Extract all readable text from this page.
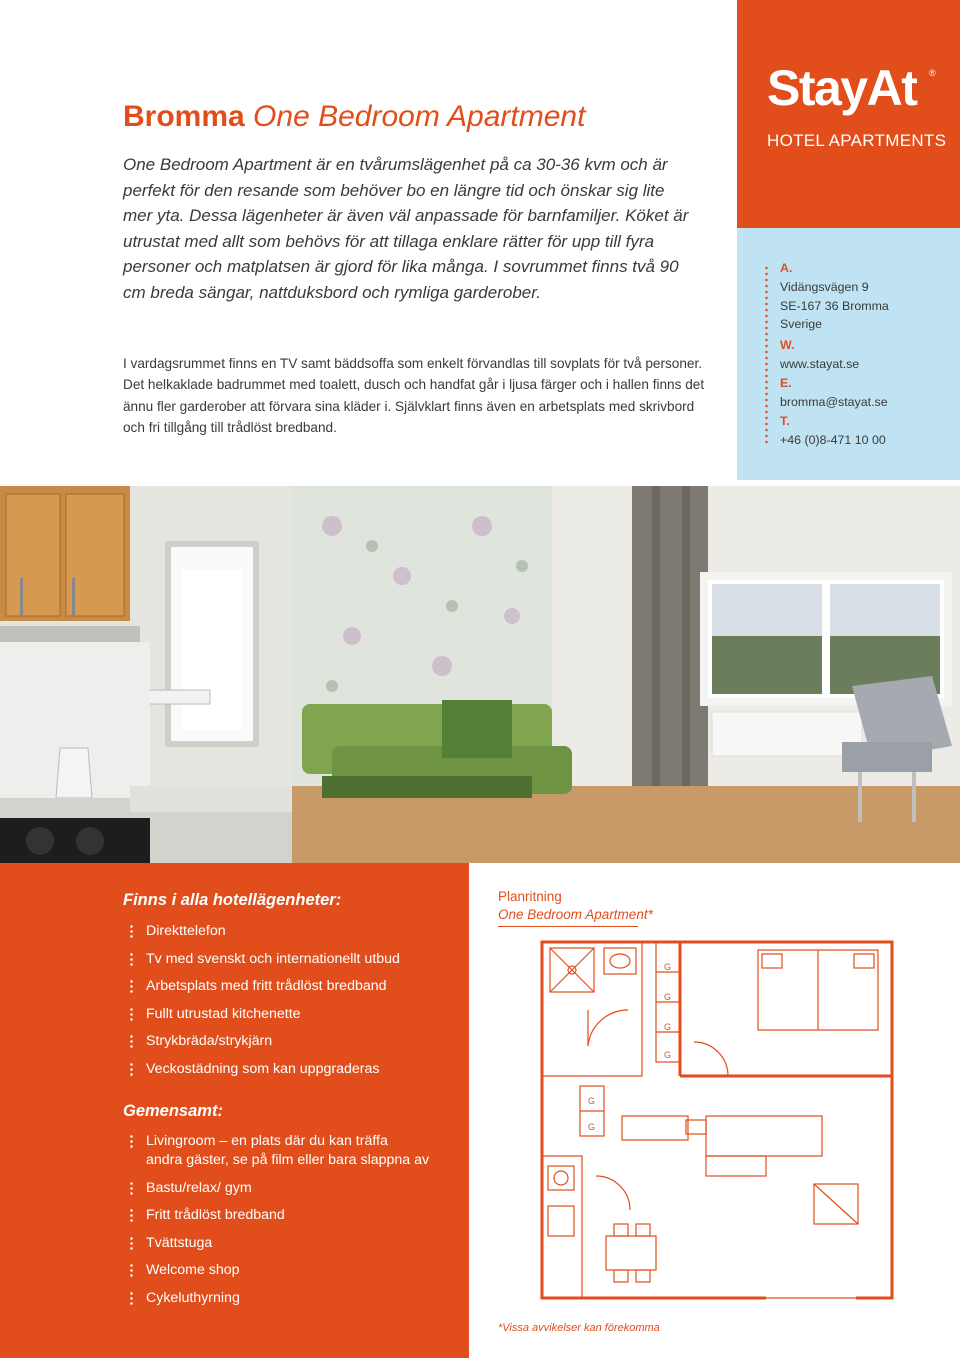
Bromma One Bedroom Apartment

One Bedroom Apartment är en tvårumslägenhet på ca 30-36 kvm och är perfekt för den resande som behöver bo en längre tid och önskar sig lite mer yta. Dessa lägenheter är även väl anpassade för barnfamiljer. Köket är utrustat med allt som behövs för att tillaga enklare rätter för upp till fyra personer och matplatsen är gjord för lika många. I sovrummet finns två 90 cm breda sängar, nattduksbord och rymliga garderober.

I vardagsrummet finns en TV samt bäddsoffa som enkelt förvandlas till sovplats för två personer. Det helkaklade badrummet med toalett, dusch och handfat går i ljusa färger och i hallen finns det ännu fler garderober att förvara sina kläder i. Självklart finns även en arbetsplats med skrivbord och fri tillgång till trådlöst bredband.

StayAt ®
HOTEL APARTMENTS
A.
Vidängsvägen 9
SE-167 36 Bromma
Sverige
W.
www.stayat.se
E.
bromma@stayat.se
T.
+46 (0)8-471 10 00
Finns i alla hotellägenheter:
Direkttelefon
Tv med svenskt och internationellt utbud
Arbetsplats med fritt trådlöst bredband
Fullt utrustad kitchenette
Strykbräda/strykjärn
Veckostädning som kan uppgraderas
Gemensamt:
Livingroom – en plats där du kan träffa
andra gäster, se på film eller bara slappna av
Bastu/relax/ gym
Fritt trådlöst bredband
Tvättstuga
Welcome shop
Cykeluthyrning
Planritning
One Bedroom Apartment*
G
G
G
G
G
G
*Vissa avvikelser kan förekomma
